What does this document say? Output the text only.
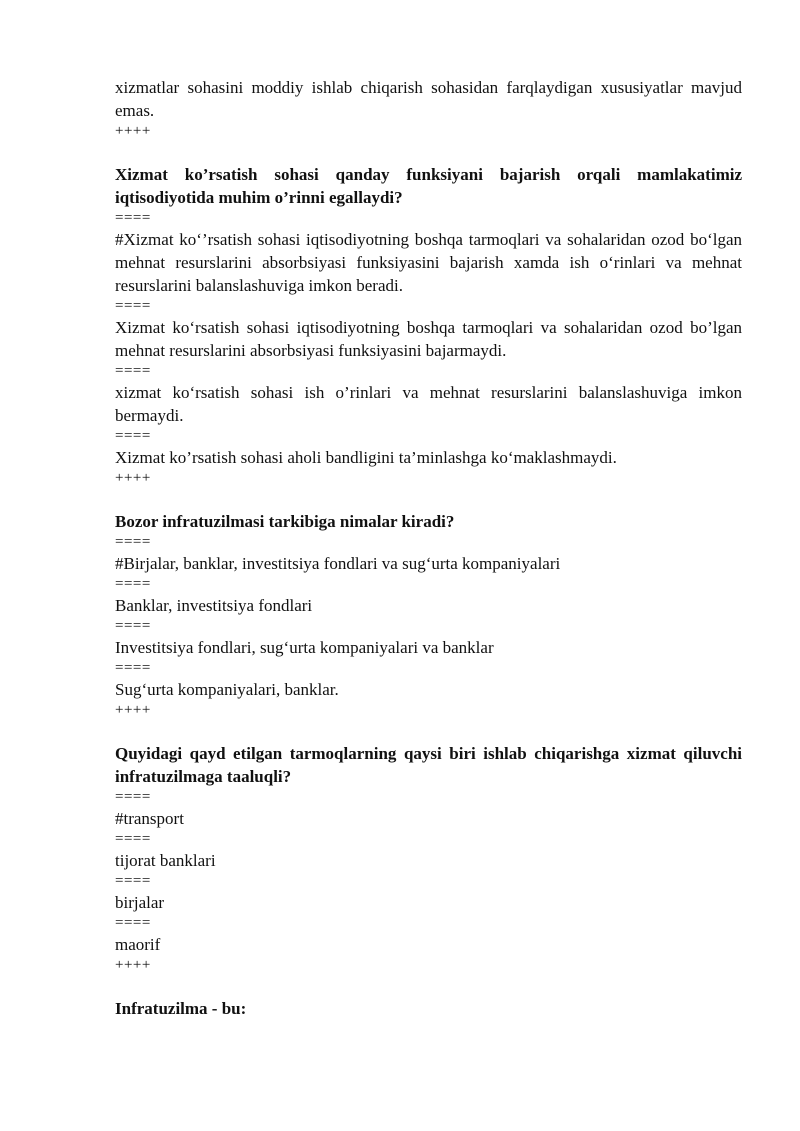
xizmatlar sohasini moddiy ishlab chiqarish sohasidan farqlaydigan xususiyatlar mavjud emas.

++++

Xizmat ko’rsatish sohasi qanday funksiyani bajarish orqali mamlakatimiz iqtisodiyotida muhim o’rinni egallaydi?

====

#Xizmat ko‘’rsatish sohasi iqtisodiyotning boshqa tarmoqlari va sohalaridan ozod bo‘lgan mehnat resurslarini absorbsiyasi funksiyasini bajarish xamda ish o‘rinlari va mehnat resurslarini balanslashuviga imkon beradi.

====

Xizmat ko‘rsatish sohasi iqtisodiyotning boshqa tarmoqlari va sohalaridan ozod bo’lgan mehnat resurslarini absorbsiyasi funksiyasini bajarmaydi.

====

xizmat ko‘rsatish sohasi ish o’rinlari va mehnat resurslarini balanslashuviga imkon bermaydi.

====

Xizmat ko’rsatish sohasi aholi bandligini ta’minlashga ko‘maklashmaydi.

++++

Bozor infratuzilmasi tarkibiga nimalar kiradi?

====

#Birjalar, banklar, investitsiya fondlari va sug‘urta kompaniyalari

====

Banklar, investitsiya fondlari

====

Investitsiya fondlari, sug‘urta kompaniyalari va banklar

====

Sug‘urta kompaniyalari, banklar.

++++

Quyidagi qayd etilgan tarmoqlarning qaysi biri ishlab chiqarishga xizmat qiluvchi infratuzilmaga taaluqli?

====

#transport

====

tijorat banklari

====

birjalar

====

maorif

++++

Infratuzilma - bu:
